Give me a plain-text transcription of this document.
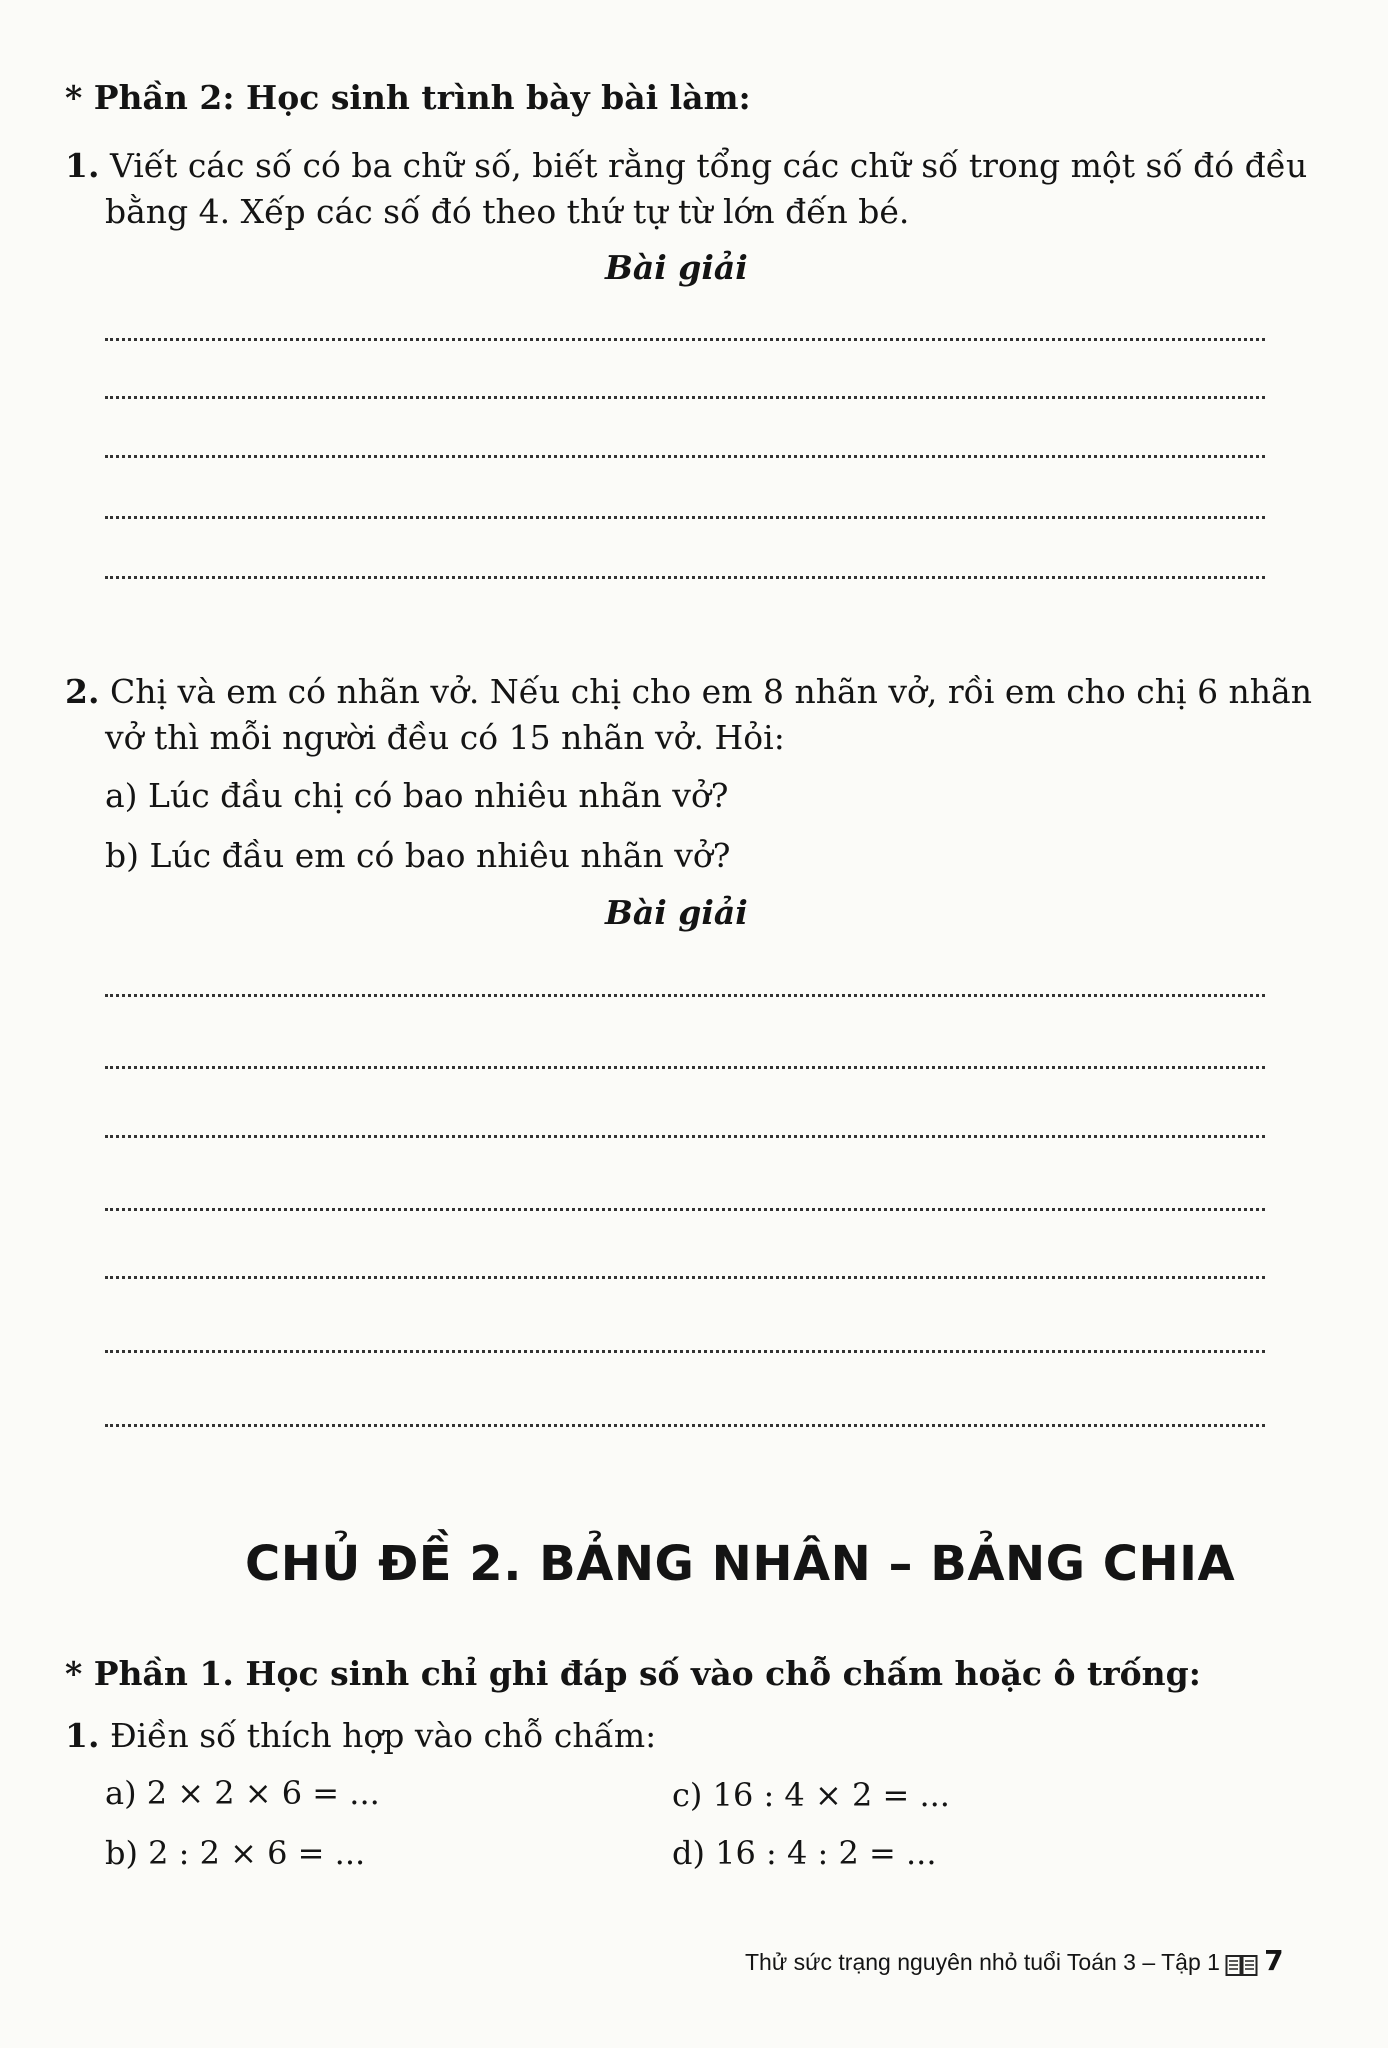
* Phần 2: Học sinh trình bày bài làm:
1. Viết các số có ba chữ số, biết rằng tổng các chữ số trong một số đó đều
bằng 4. Xếp các số đó theo thứ tự từ lớn đến bé.
Bài giải
2. Chị và em có nhãn vở. Nếu chị cho em 8 nhãn vở, rồi em cho chị 6 nhãn
vở thì mỗi người đều có 15 nhãn vở. Hỏi:
a) Lúc đầu chị có bao nhiêu nhãn vở?
b) Lúc đầu em có bao nhiêu nhãn vở?
Bài giải
CHỦ ĐỀ 2. BẢNG NHÂN – BẢNG CHIA
* Phần 1. Học sinh chỉ ghi đáp số vào chỗ chấm hoặc ô trống:
1. Điền số thích hợp vào chỗ chấm:
a) 2 × 2 × 6 = ...
b) 2 : 2 × 6 = ...
c) 16 : 4 × 2 = ...
d) 16 : 4 : 2 = ...
Thử sức trạng nguyên nhỏ tuổi Toán 3 – Tập 1 7
